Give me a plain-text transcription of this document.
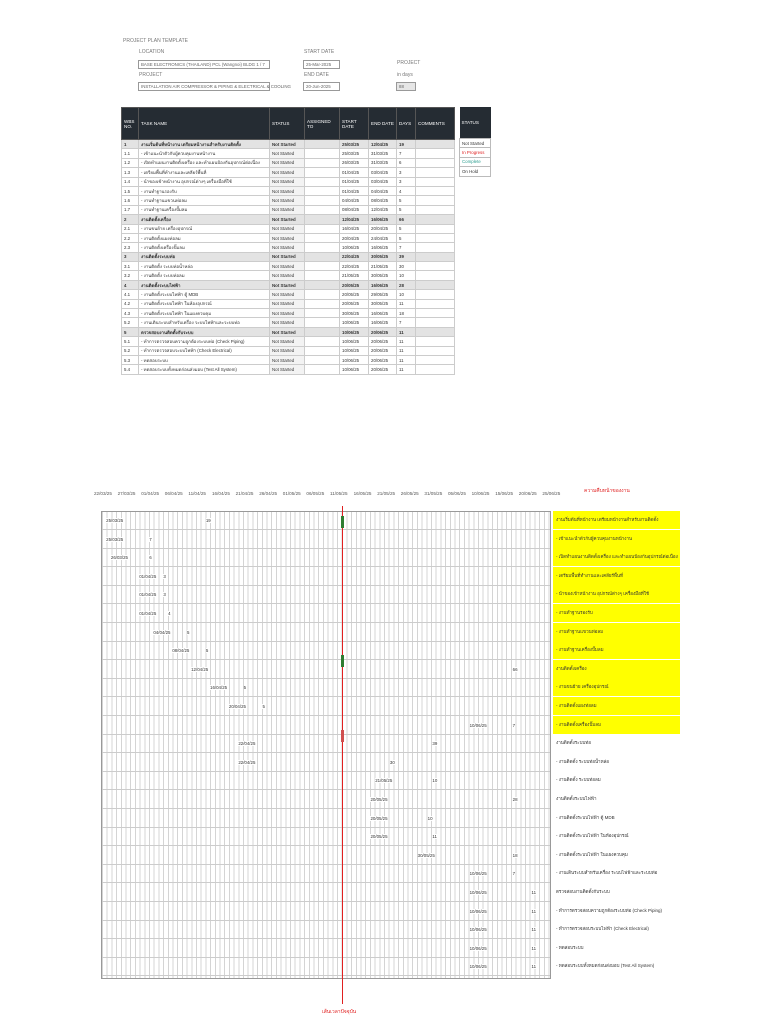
PROJECT PLAN TEMPLATE
LOCATION
BASE ELECTRONICS (THAILAND) PCL (Wangnoi) BLDG 1 / 7
PROJECT
INSTALLATION AIR COMPRESSOR & PIPING & ELECTRICAL & COOLING
START DATE
25-Mar-2025
END DATE
20-Jun-2025
PROJECT
in days
88
WBS NO.	TASK NAME	STATUS	ASSIGNED TO	START DATE	END DATE	DAYS	COMMENTS
1	งานเริ่มต้นที่หน้างาน เตรียมหน้างานสำหรับงานติดตั้ง	Not Started		25/03/25	12/04/25	19	
1.1	- เข้าแนะนำตัวกับผู้ควบคุมงานหน้างาน	Not Started		25/03/25	31/03/25	7	
1.2	- เปิดทำแผนงานติดตั้งเครื่อง และทำแผนป้องกันอุปกรณ์ต่อเนื่อง	Not Started		26/03/25	31/03/25	6	
1.3	- เตรียมพื้นที่ทำงานและเคลียร์พื้นที่	Not Started		01/04/25	03/04/25	3	
1.4	- นำของเข้าหน้างาน อุปกรณ์ต่างๆ เครื่องมือที่ใช้	Not Started		01/04/25	03/04/25	3	
1.5	- งานทำฐานรองรับ	Not Started		01/04/25	04/04/25	4	
1.6	- งานทำฐานแขวนท่อลม	Not Started		04/04/25	08/04/25	5	
1.7	- งานทำฐานเครื่องปั๊มลม	Not Started		08/04/25	12/04/25	5	
2	งานติดตั้งเครื่อง	Not Started		12/04/25	16/06/25	66	
2.1	- งานขนย้าย เครื่องอุปกรณ์	Not Started		16/04/25	20/04/25	5	
2.2	- งานติดตั้งแผงท่อลม	Not Started		20/04/25	24/04/25	5	
2.3	- งานติดตั้งเครื่องปั๊มลม	Not Started		10/06/25	16/06/25	7	
3	งานติดตั้งระบบท่อ	Not Started		22/04/25	30/05/25	39	
3.1	- งานติดตั้ง ระบบท่อน้ำหล่อ	Not Started		22/04/25	21/05/25	30	
3.2	- งานติดตั้ง ระบบท่อลม	Not Started		21/05/25	30/05/25	10	
4	งานติดตั้งระบบไฟฟ้า	Not Started		20/05/25	16/06/25	28	
4.1	- งานติดตั้งระบบไฟฟ้า ตู้ MDB	Not Started		20/05/25	29/05/25	10	
4.2	- งานติดตั้งระบบไฟฟ้า ในห้องอุปกรณ์	Not Started		20/05/25	30/05/25	11	
4.3	- งานติดตั้งระบบไฟฟ้า ในแผงควบคุม	Not Started		30/05/25	16/06/25	18	
5.2	- งานเดินระบบสำหรับเครื่อง ระบบไฟฟ้าและระบบท่อ	Not Started		10/06/25	16/06/25	7	
5	ตรวจสอบงานติดตั้งกับระบบ	Not Started		10/06/25	20/06/25	11	
5.1	- ทำการตรวจสอบความถูกต้องระบบท่อ (Check Piping)	Not Started		10/06/25	20/06/25	11	
5.2	- ทำการตรวจสอบระบบไฟฟ้า (Check Electrical)	Not Started		10/06/25	20/06/25	11	
5.3	- ทดสอบระบบ	Not Started		10/06/25	20/06/25	11	
5.4	- ทดสอบระบบทั้งหมดก่อนส่งมอบ (Test All System)	Not Started		10/06/25	20/06/25	11	
STATUS
Not Started
In Progress
Complete
On Hold
22/03/25 27/03/25 01/04/25 06/04/25 11/04/25 16/04/25 21/04/25 26/04/25 01/05/25 06/05/25 11/05/25 16/05/25 21/05/25 26/05/25 31/05/25 05/06/25 10/06/25 15/06/25 20/06/25 25/06/25	ความคืบหน้าของงาน
25/03/25	19
25/03/25	7
26/03/25	6
01/04/25 3
01/04/25 3
01/04/25	4
04/04/25	5
08/04/25	5
12/04/25	66
16/04/25	5
20/04/25	5
10/06/25	7
22/04/25	39
22/04/25	30
21/05/25	10
20/05/25	28
20/05/25	10
20/05/25	11
30/05/25	18
10/06/25	7
10/06/25	11
10/06/25	11
10/06/25	11
10/06/25	11
10/06/25	11
งานเริ่มต้นที่หน้างาน เตรียมหน้างานสำหรับงานติดตั้ง
- เข้าแนะนำตัวกับผู้ควบคุมงานหน้างาน
- เปิดทำแผนงานติดตั้งเครื่อง และทำแผนป้องกันอุปกรณ์ต่อเนื่อง
- เตรียมพื้นที่ทำงานและเคลียร์พื้นที่
- นำของเข้าหน้างาน อุปกรณ์ต่างๆ เครื่องมือที่ใช้
- งานทำฐานรองรับ
- งานทำฐานแขวนท่อลม
- งานทำฐานเครื่องปั๊มลม
งานติดตั้งเครื่อง
- งานขนย้าย เครื่องอุปกรณ์
- งานติดตั้งแผงท่อลม
- งานติดตั้งเครื่องปั๊มลม
งานติดตั้งระบบท่อ
- งานติดตั้ง ระบบท่อน้ำหล่อ
- งานติดตั้ง ระบบท่อลม
งานติดตั้งระบบไฟฟ้า
- งานติดตั้งระบบไฟฟ้า ตู้ MDB
- งานติดตั้งระบบไฟฟ้า ในห้องอุปกรณ์
- งานติดตั้งระบบไฟฟ้า ในแผงควบคุม
- งานเดินระบบสำหรับเครื่อง ระบบไฟฟ้าและระบบท่อ
ตรวจสอบงานติดตั้งกับระบบ
- ทำการตรวจสอบความถูกต้องระบบท่อ (Check Piping)
- ทำการตรวจสอบระบบไฟฟ้า (Check Electrical)
- ทดสอบระบบ
- ทดสอบระบบทั้งหมดก่อนส่งมอบ (Test All System)
เส้นเวลาปัจจุบัน
